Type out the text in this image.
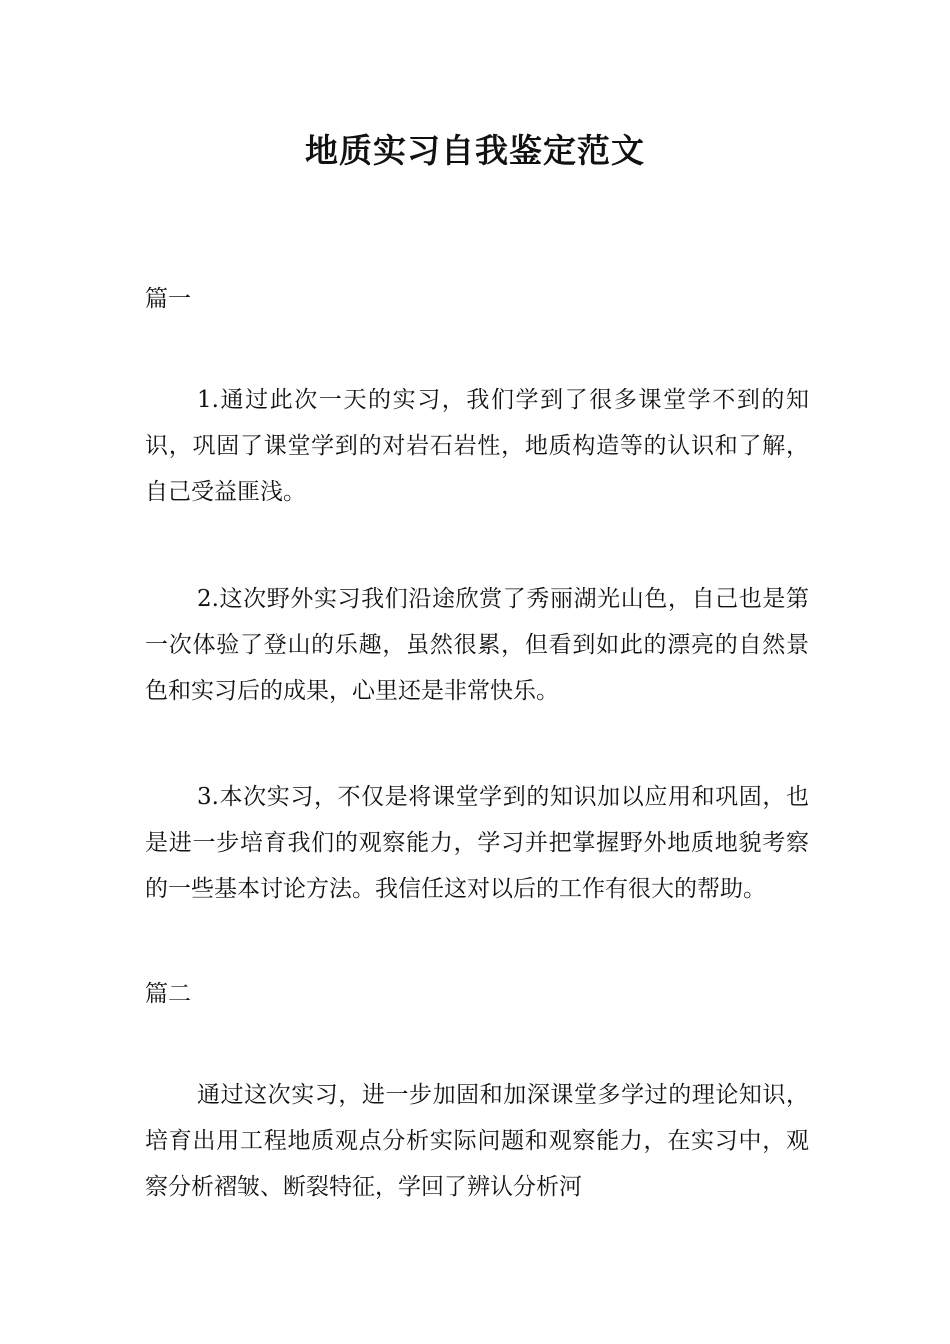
地质实习自我鉴定范文

篇一

1.通过此次一天的实习，我们学到了很多课堂学不到的知识，巩固了课堂学到的对岩石岩性，地质构造等的认识和了解，自己受益匪浅。

2.这次野外实习我们沿途欣赏了秀丽湖光山色，自己也是第一次体验了登山的乐趣，虽然很累，但看到如此的漂亮的自然景色和实习后的成果，心里还是非常快乐。

3.本次实习，不仅是将课堂学到的知识加以应用和巩固，也是进一步培育我们的观察能力，学习并把掌握野外地质地貌考察的一些基本讨论方法。我信任这对以后的工作有很大的帮助。

篇二

通过这次实习，进一步加固和加深课堂多学过的理论知识，培育出用工程地质观点分析实际问题和观察能力，在实习中，观察分析褶皱、断裂特征，学回了辨认分析河
